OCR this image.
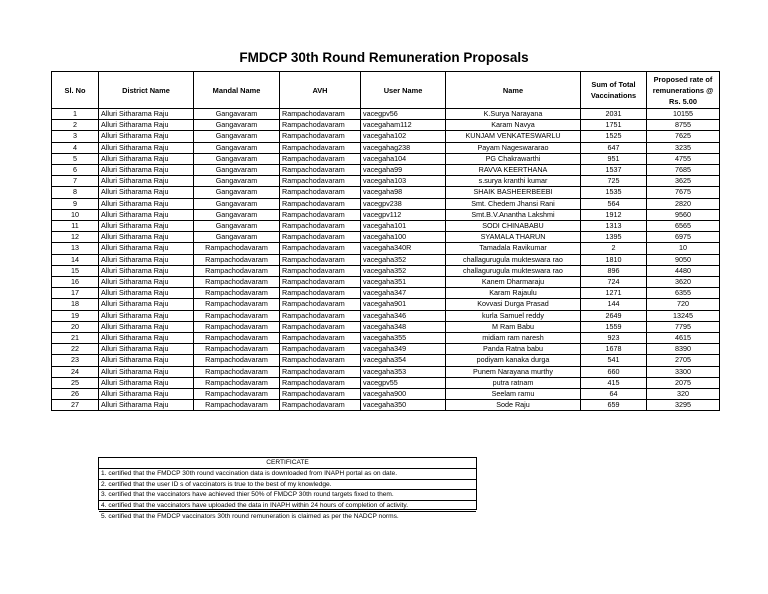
FMDCP 30th Round Remuneration Proposals
Sl. No	District Name	Mandal Name	AVH	User Name	Name	Sum of Total Vaccinations	Proposed rate of remunerations @ Rs. 5.00
1	Alluri Sitharama Raju	Gangavaram	Rampachodavaram	vacegpv56	K.Surya Narayana	2031	10155
2	Alluri Sitharama Raju	Gangavaram	Rampachodavaram	vacegaham112	Karam Navya	1751	8755
3	Alluri Sitharama Raju	Gangavaram	Rampachodavaram	vacegaha102	KUNJAM VENKATESWARLU	1525	7625
4	Alluri Sitharama Raju	Gangavaram	Rampachodavaram	vacegahag238	Payam Nageswararao	647	3235
5	Alluri Sitharama Raju	Gangavaram	Rampachodavaram	vacegaha104	PG Chakrawarthi	951	4755
6	Alluri Sitharama Raju	Gangavaram	Rampachodavaram	vacegaha99	RAVVA KEERTHANA	1537	7685
7	Alluri Sitharama Raju	Gangavaram	Rampachodavaram	vacegaha103	s.surya kranthi kumar	725	3625
8	Alluri Sitharama Raju	Gangavaram	Rampachodavaram	vacegaha98	SHAIK BASHEERBEEBI	1535	7675
9	Alluri Sitharama Raju	Gangavaram	Rampachodavaram	vacegpv238	Smt. Chedem Jhansi Rani	564	2820
10	Alluri Sitharama Raju	Gangavaram	Rampachodavaram	vacegpv112	Smt.B.V.Anantha Lakshmi	1912	9560
11	Alluri Sitharama Raju	Gangavaram	Rampachodavaram	vacegaha101	SODI CHINABABU	1313	6565
12	Alluri Sitharama Raju	Gangavaram	Rampachodavaram	vacegaha100	SYAMALA THARUN	1395	6975
13	Alluri Sitharama Raju	Rampachodavaram	Rampachodavaram	vacegaha340R	Tamadala Ravikumar	2	10
14	Alluri Sitharama Raju	Rampachodavaram	Rampachodavaram	vacegaha352	challagurugula mukteswara rao	1810	9050
15	Alluri Sitharama Raju	Rampachodavaram	Rampachodavaram	vacegaha352	challagurugula mukteswara rao	896	4480
16	Alluri Sitharama Raju	Rampachodavaram	Rampachodavaram	vacegaha351	Kanem Dharmaraju	724	3620
17	Alluri Sitharama Raju	Rampachodavaram	Rampachodavaram	vacegaha347	Karam Rajaulu	1271	6355
18	Alluri Sitharama Raju	Rampachodavaram	Rampachodavaram	vacegaha901	Kovvasi Durga Prasad	144	720
19	Alluri Sitharama Raju	Rampachodavaram	Rampachodavaram	vacegaha346	kurla Samuel reddy	2649	13245
20	Alluri Sitharama Raju	Rampachodavaram	Rampachodavaram	vacegaha348	M Ram Babu	1559	7795
21	Alluri Sitharama Raju	Rampachodavaram	Rampachodavaram	vacegaha355	midiam ram naresh	923	4615
22	Alluri Sitharama Raju	Rampachodavaram	Rampachodavaram	vacegaha349	Panda Ratna babu	1678	8390
23	Alluri Sitharama Raju	Rampachodavaram	Rampachodavaram	vacegaha354	podiyam kanaka durga	541	2705
24	Alluri Sitharama Raju	Rampachodavaram	Rampachodavaram	vacegaha353	Punem Narayana murthy	660	3300
25	Alluri Sitharama Raju	Rampachodavaram	Rampachodavaram	vacegpv55	putra ratnam	415	2075
26	Alluri Sitharama Raju	Rampachodavaram	Rampachodavaram	vacegaha900	Seelam ramu	64	320
27	Alluri Sitharama Raju	Rampachodavaram	Rampachodavaram	vacegaha350	Sode Raju	659	3295
CERTIFICATE
1. certified that the FMDCP 30th round vaccination data is downloaded from INAPH portal as on date.
2. certified that the user ID s of vaccinators is true to the best of my knowledge.
3. certified that the vaccinators have achieved thier 50% of FMDCP 30th round targets fixed to them.
4. certified that the vaccinators have uploaded the data in INAPH within 24 hours of completion of activity.
5. certified that the FMDCP vaccinators 30th round remuneration is claimed as per the NADCP norms.
